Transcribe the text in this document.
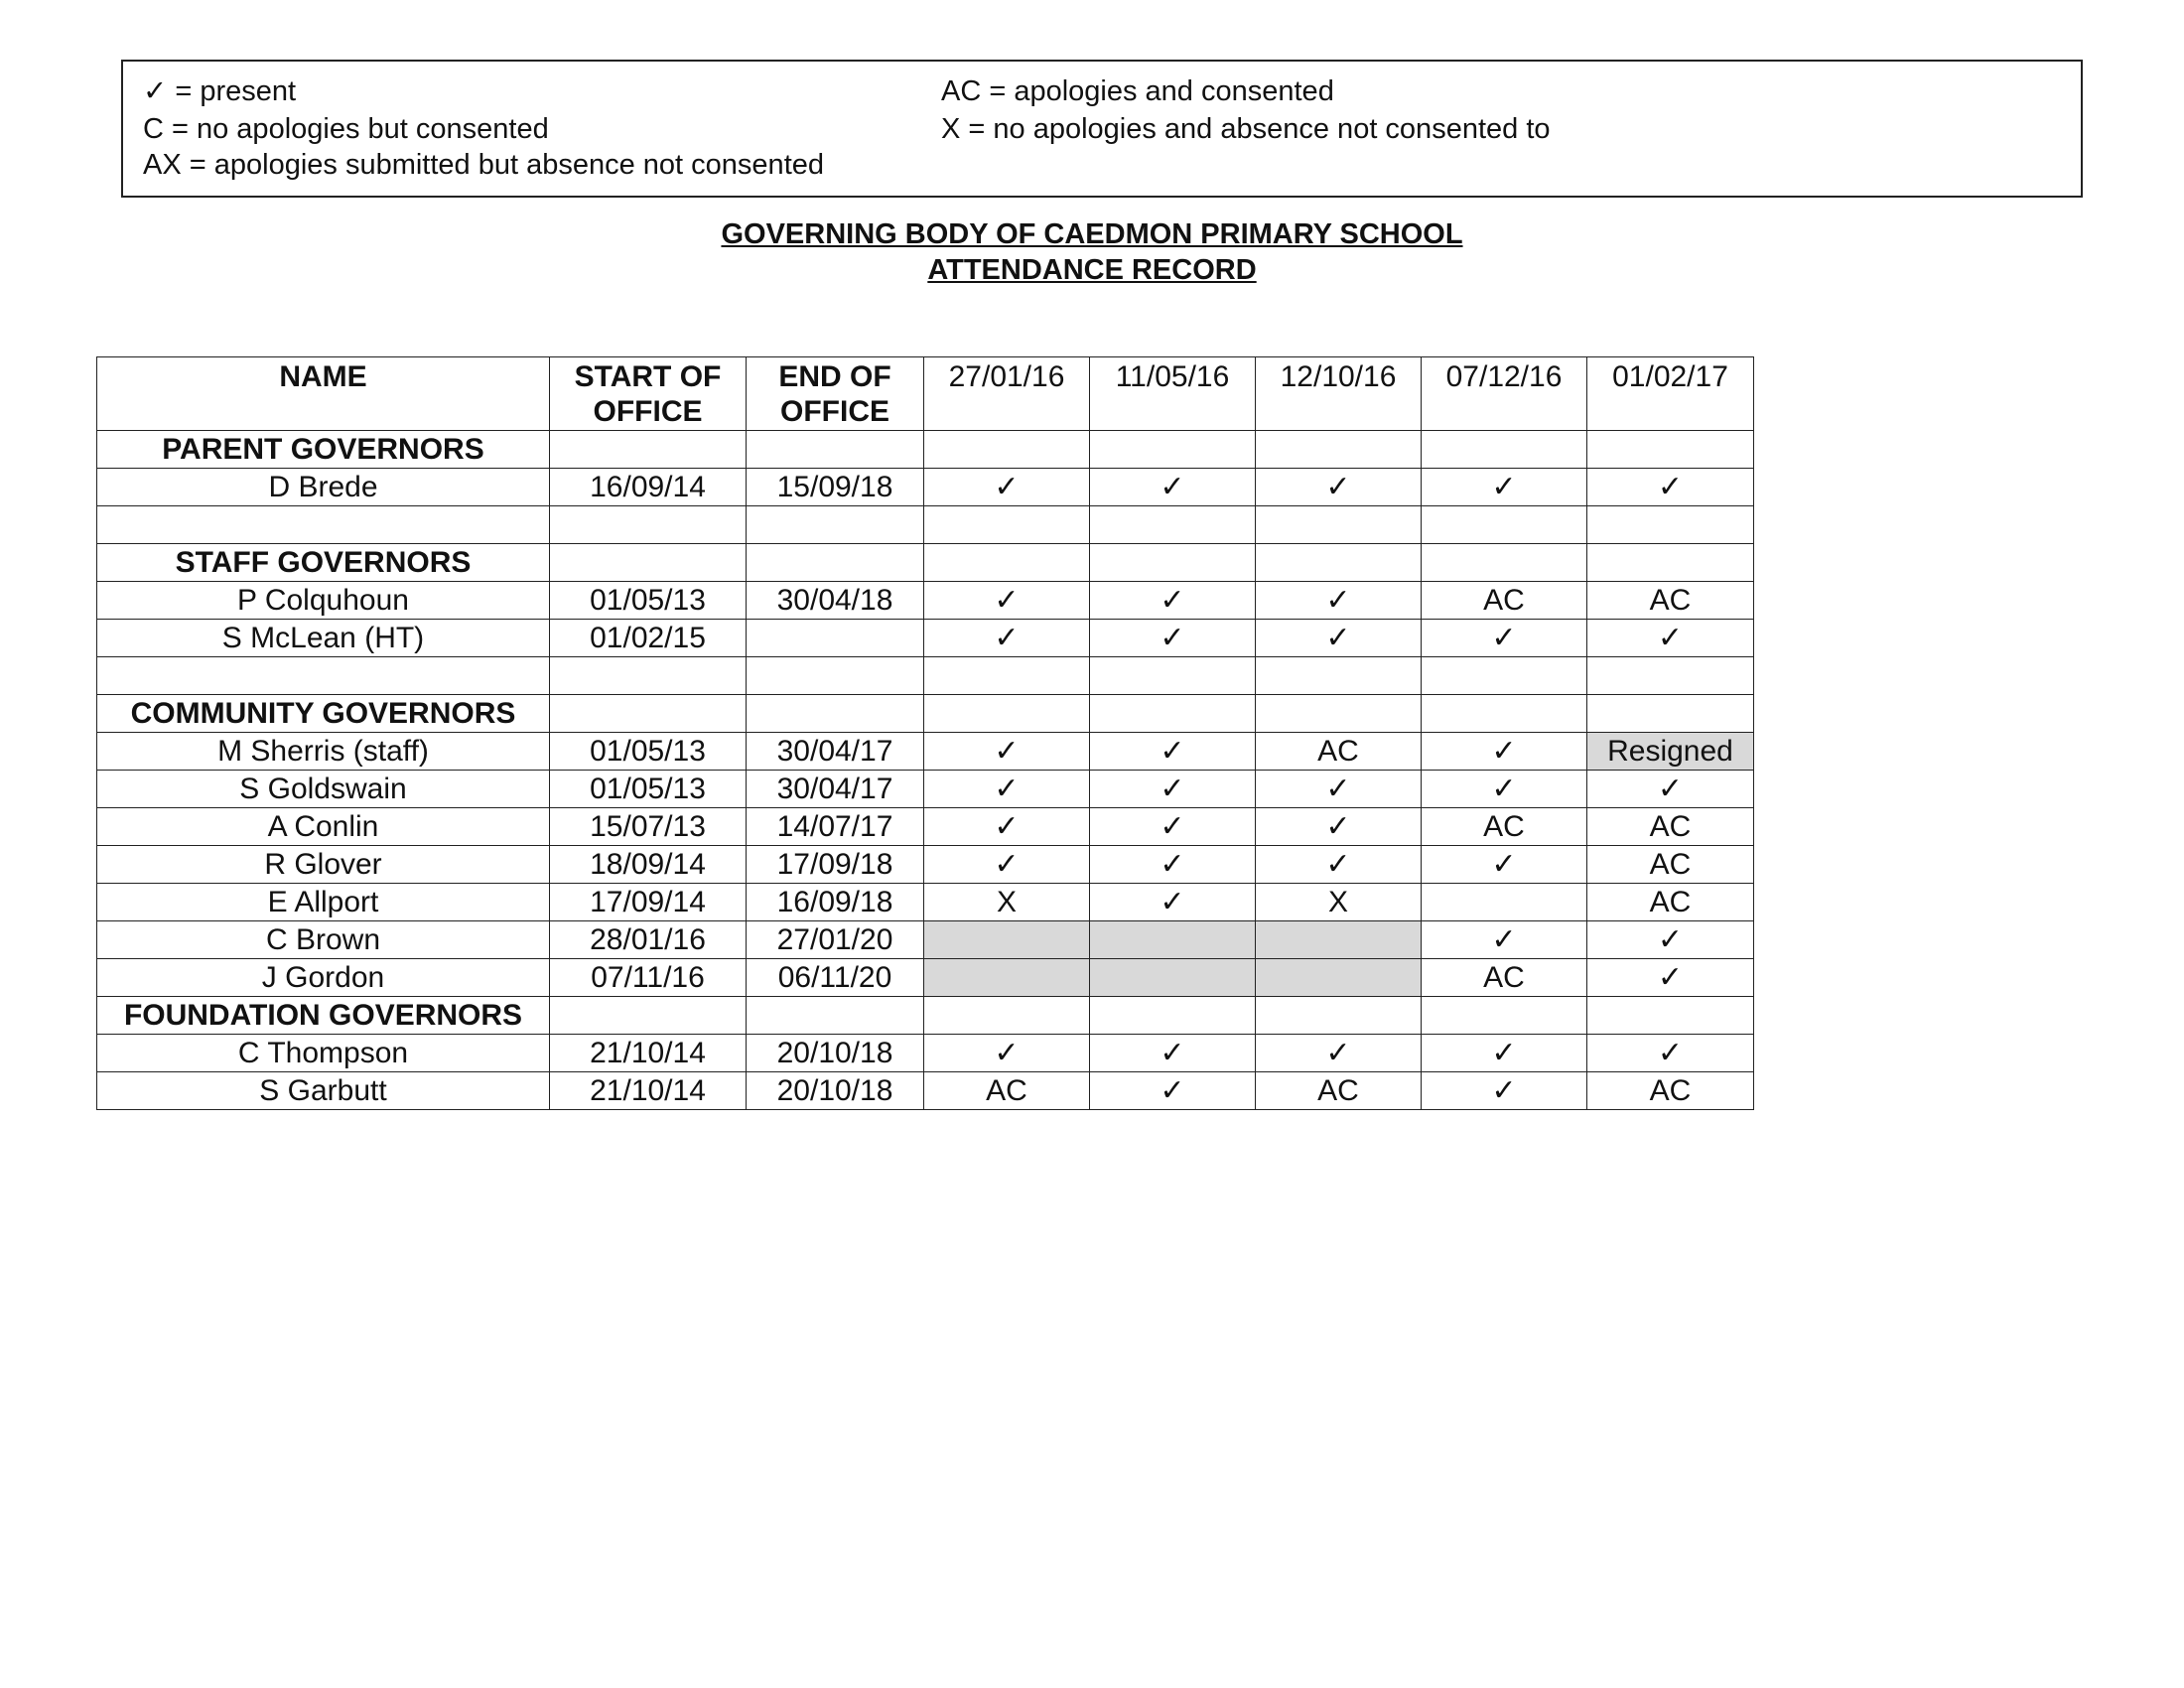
✓ = present
C = no apologies but consented
AX = apologies submitted but absence not consented
AC = apologies and consented
X = no apologies and absence not consented to
GOVERNING BODY OF CAEDMON PRIMARY SCHOOL
ATTENDANCE RECORD
NAME	START OF OFFICE	END OF OFFICE	27/01/16	11/05/16	12/10/16	07/12/16	01/02/17
PARENT GOVERNORS							
D Brede	16/09/14	15/09/18	✓	✓	✓	✓	✓

STAFF GOVERNORS							
P Colquhoun	01/05/13	30/04/18	✓	✓	✓	AC	AC
S McLean (HT)	01/02/15		✓	✓	✓	✓	✓

COMMUNITY GOVERNORS							
M Sherris (staff)	01/05/13	30/04/17	✓	✓	AC	✓	Resigned
S Goldswain	01/05/13	30/04/17	✓	✓	✓	✓	✓
A Conlin	15/07/13	14/07/17	✓	✓	✓	AC	AC
R Glover	18/09/14	17/09/18	✓	✓	✓	✓	AC
E Allport	17/09/14	16/09/18	X	✓	X		AC
C Brown	28/01/16	27/01/20				✓	✓
J Gordon	07/11/16	06/11/20				AC	✓
FOUNDATION GOVERNORS							
C Thompson	21/10/14	20/10/18	✓	✓	✓	✓	✓
S Garbutt	21/10/14	20/10/18	AC	✓	AC	✓	AC
